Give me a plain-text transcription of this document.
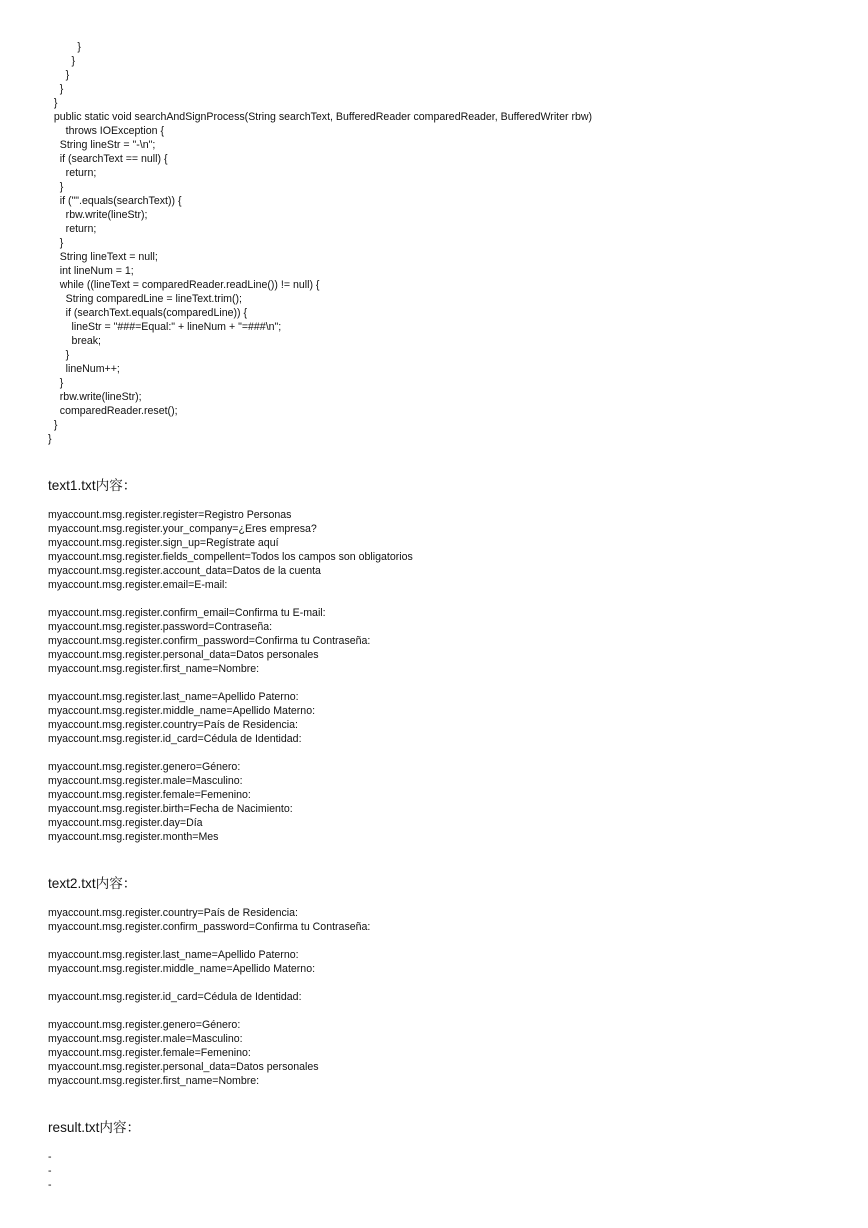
}
}
}
}
}
public static void searchAndSignProcess(String searchText, BufferedReader comparedReader, BufferedWriter rbw)
throws IOException {
String lineStr = "-\n";
if (searchText == null) {
return;
}
if ("".equals(searchText)) {
rbw.write(lineStr);
return;
}
String lineText = null;
int lineNum = 1;
while ((lineText = comparedReader.readLine()) != null) {
String comparedLine = lineText.trim();
if (searchText.equals(comparedLine)) {
lineStr = "###=Equal:" + lineNum + "=###\n";
break;
}
lineNum++;
}
rbw.write(lineStr);
comparedReader.reset();
}
}
text1.txt内容：
myaccount.msg.register.register=Registro Personas
myaccount.msg.register.your_company=¿Eres empresa?
myaccount.msg.register.sign_up=Regístrate aquí
myaccount.msg.register.fields_compellent=Todos los campos son obligatorios
myaccount.msg.register.account_data=Datos de la cuenta
myaccount.msg.register.email=E-mail:
myaccount.msg.register.confirm_email=Confirma tu E-mail:
myaccount.msg.register.password=Contraseña:
myaccount.msg.register.confirm_password=Confirma tu Contraseña:
myaccount.msg.register.personal_data=Datos personales
myaccount.msg.register.first_name=Nombre:
myaccount.msg.register.last_name=Apellido Paterno:
myaccount.msg.register.middle_name=Apellido Materno:
myaccount.msg.register.country=País de Residencia:
myaccount.msg.register.id_card=Cédula de Identidad:
myaccount.msg.register.genero=Género:
myaccount.msg.register.male=Masculino:
myaccount.msg.register.female=Femenino:
myaccount.msg.register.birth=Fecha de Nacimiento:
myaccount.msg.register.day=Día
myaccount.msg.register.month=Mes
text2.txt内容：
myaccount.msg.register.country=País de Residencia:
myaccount.msg.register.confirm_password=Confirma tu Contraseña:
myaccount.msg.register.last_name=Apellido Paterno:
myaccount.msg.register.middle_name=Apellido Materno:
myaccount.msg.register.id_card=Cédula de Identidad:
myaccount.msg.register.genero=Género:
myaccount.msg.register.male=Masculino:
myaccount.msg.register.female=Femenino:
myaccount.msg.register.personal_data=Datos personales
myaccount.msg.register.first_name=Nombre:
result.txt内容：
-
-
-
